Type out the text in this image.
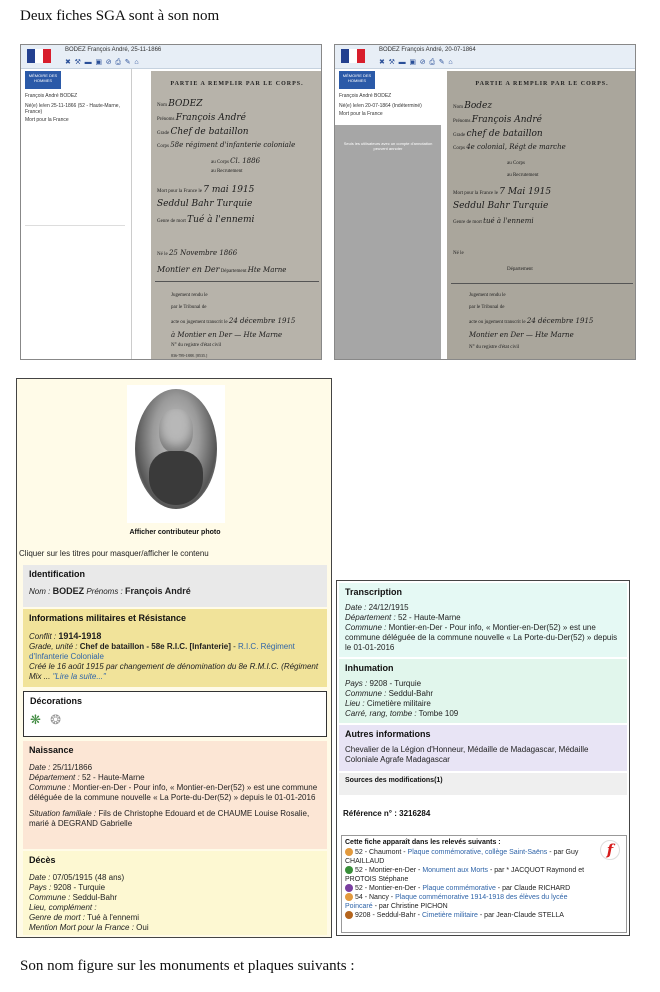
Deux fiches SGA sont à son nom
BODEZ François André, 25-11-1866
✖ ⚒ ▬ ▣ ⊘ ⎙ ✎ ⌂
MÉMOIRE DES HOMMES
François André BODEZ
Né(e) le/en 25-11-1866 (52 - Haute-Marne, France)
Mort pour la France
PARTIE A REMPLIR PAR LE CORPS.
Nom BODEZ
Prénoms François André
Grade Chef de bataillon
Corps 58e régiment d'infanterie coloniale
au Corps Cl. 1886
au Recrutement
Mort pour la France le 7 mai 1915
Seddul Bahr Turquie
Genre de mort Tué à l'ennemi
Né le 25 Novembre 1866
Montier en Der Département Hte Marne
Jugement rendu le
par le Tribunal de
acte ou jugement transcrit le 24 décembre 1915
à Montier en Der — Hte Marne
N° du registre d'état civil
836-789-1888. [8535.]
BODEZ François André, 20-07-1864
✖ ⚒ ▬ ▣ ⊘ ⎙ ✎ ⌂
MÉMOIRE DES HOMMES
François André BODEZ
Né(e) le/en 20-07-1864 (Indéterminé)
Mort pour la France
Seuls les utilisateurs avec un compte d'annotation peuvent annoter
PARTIE A REMPLIR PAR LE CORPS.
Nom Bodez
Prénoms François André
Grade chef de bataillon
Corps 4e colonial, Régt de marche
au Corps
au Recrutement
Mort pour la France le 7 Mai 1915
Seddul Bahr Turquie
Genre de mort tué à l'ennemi
Né le
Département
Jugement rendu le
par le Tribunal de
acte ou jugement transcrit le 24 décembre 1915
Montier en Der — Hte Marne
N° du registre d'état civil
Afficher contributeur photo
Cliquer sur les titres pour masquer/afficher le contenu
Identification
Nom : BODEZ Prénoms : François André
Informations militaires et Résistance
Conflit : 1914-1918
Grade, unité : Chef de bataillon - 58e R.I.C. [Infanterie] - R.I.C. Régiment d'Infanterie Coloniale
Créé le 16 août 1915 par changement de dénomination du 8e R.M.I.C. (Régiment Mix ... "Lire la suite..."
Décorations
❋ ❂
Naissance
Date : 25/11/1866
Département : 52 - Haute-Marne
Commune : Montier-en-Der - Pour info, « Montier-en-Der(52) » est une commune déléguée de la commune nouvelle « La Porte-du-Der(52) » depuis le 01-01-2016
Situation familiale : Fils de Christophe Edouard et de CHAUME Louise Rosalie, marié à DEGRAND Gabrielle
Décès
Date : 07/05/1915 (48 ans)
Pays : 9208 - Turquie
Commune : Seddul-Bahr
Lieu, complément :
Genre de mort : Tué à l'ennemi
Mention Mort pour la France : Oui
Transcription
Date : 24/12/1915
Département : 52 - Haute-Marne
Commune : Montier-en-Der - Pour info, « Montier-en-Der(52) » est une commune déléguée de la commune nouvelle « La Porte-du-Der(52) » depuis le 01-01-2016
Inhumation
Pays : 9208 - Turquie
Commune : Seddul-Bahr
Lieu : Cimetière militaire
Carré, rang, tombe : Tombe 109
Autres informations
Chevalier de la Légion d'Honneur, Médaille de Madagascar, Médaille Coloniale Agrafe Madagascar
Sources des modifications(1)
Référence n° : 3216284
Cette fiche apparaît dans les relevés suivants :	f
52 - Chaumont - Plaque commémorative, collège Saint-Saëns - par Guy CHAILLAUD
52 - Montier-en-Der - Monument aux Morts - par * JACQUOT Raymond et PROTOIS Stéphane
52 - Montier-en-Der - Plaque commémorative - par Claude RICHARD
54 - Nancy - Plaque commémorative 1914-1918 des élèves du lycée Poincaré - par Christine PICHON
9208 - Seddul-Bahr - Cimetière militaire - par Jean-Claude STELLA
Son nom figure sur les monuments et plaques suivants :
